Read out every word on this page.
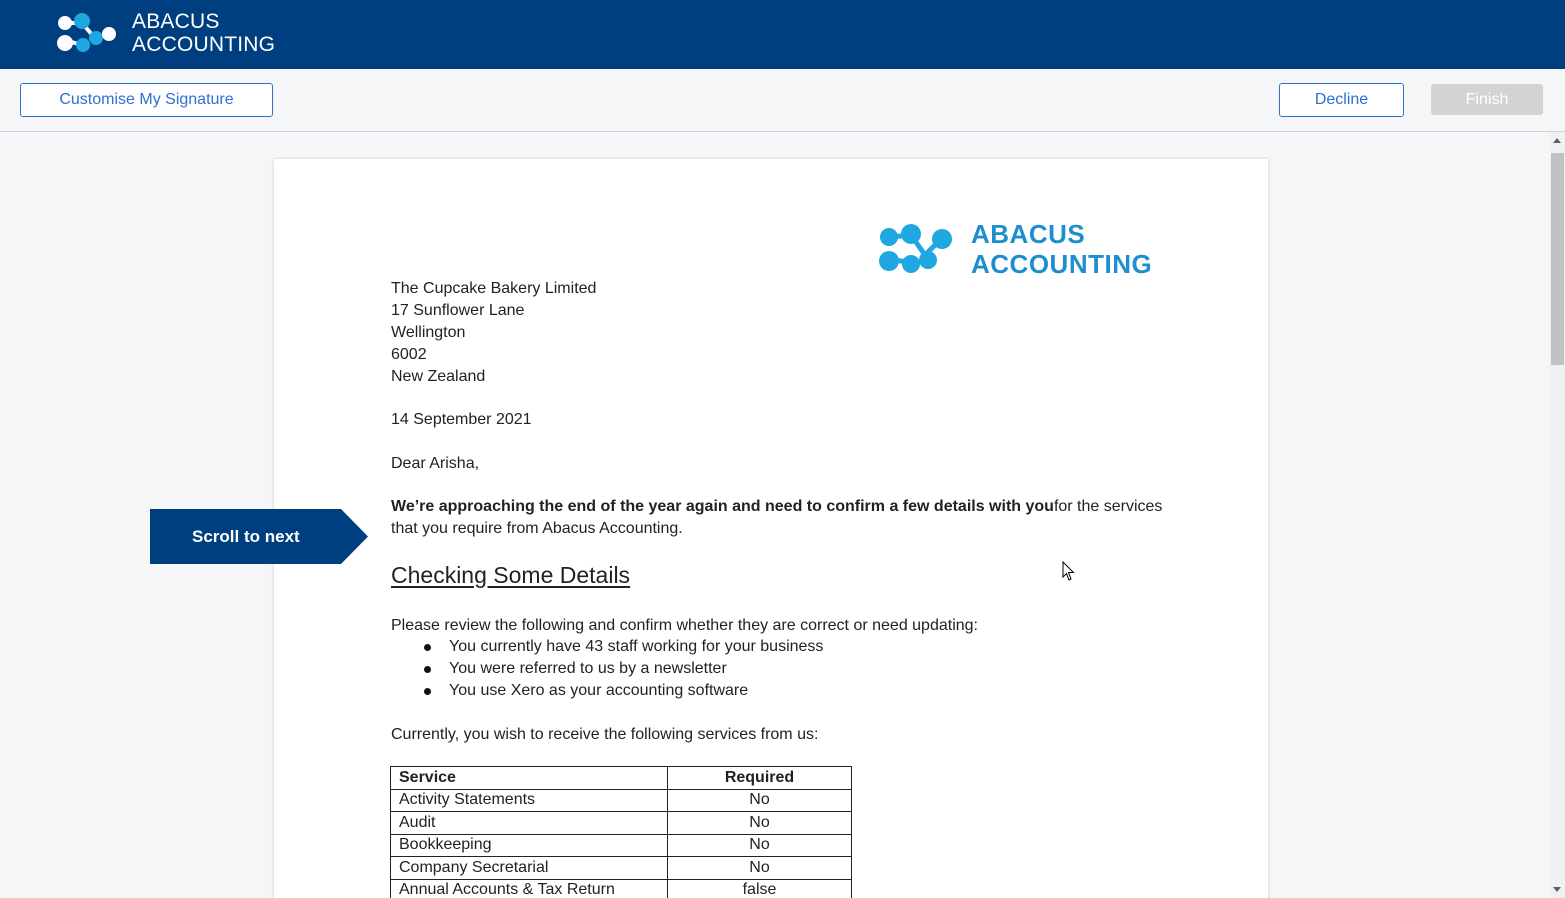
ABACUS
ACCOUNTING
Customise My Signature	Decline	Finish
ABACUS
ACCOUNTING
The Cupcake Bakery Limited
17 Sunflower Lane
Wellington
6002
New Zealand
14 September 2021
Dear Arisha,
We’re approaching the end of the year again and need to confirm a few details with youfor the services
that you require from Abacus Accounting.
Checking Some Details
Please review the following and confirm whether they are correct or need updating:
You currently have 43 staff working for your business
You were referred to us by a newsletter
You use Xero as your accounting software
Currently, you wish to receive the following services from us:
Service	Required
Activity Statements	No
Audit	No
Bookkeeping	No
Company Secretarial	No
Annual Accounts & Tax Return	false
Scroll to next
